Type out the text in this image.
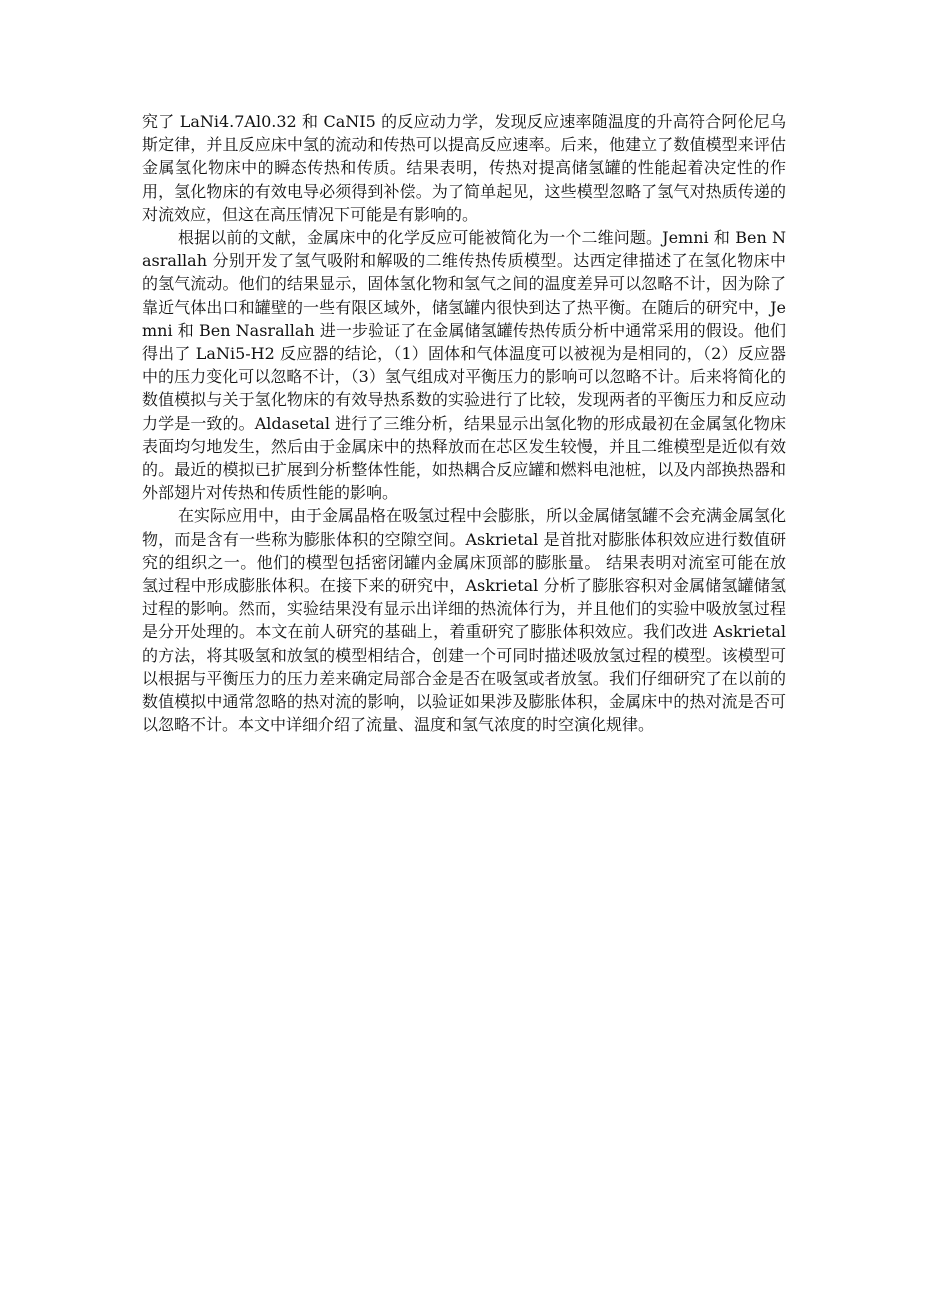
究了 LaNi4.7Al0.32 和 CaNI5 的反应动力学，发现反应速率随温度的升高符合阿伦尼乌斯定律，并且反应床中氢的流动和传热可以提高反应速率。后来，他建立了数值模型来评估金属氢化物床中的瞬态传热和传质。结果表明，传热对提高储氢罐的性能起着决定性的作用，氢化物床的有效电导必须得到补偿。为了简单起见，这些模型忽略了氢气对热质传递的对流效应，但这在高压情况下可能是有影响的。

根据以前的文献，金属床中的化学反应可能被简化为一个二维问题。Jemni 和 Ben Nasrallah 分别开发了氢气吸附和解吸的二维传热传质模型。达西定律描述了在氢化物床中的氢气流动。他们的结果显示，固体氢化物和氢气之间的温度差异可以忽略不计，因为除了靠近气体出口和罐壁的一些有限区域外，储氢罐内很快到达了热平衡。在随后的研究中，Jemni 和 Ben Nasrallah 进一步验证了在金属储氢罐传热传质分析中通常采用的假设。他们得出了 LaNi5-H2 反应器的结论，（1）固体和气体温度可以被视为是相同的，（2）反应器中的压力变化可以忽略不计，（3）氢气组成对平衡压力的影响可以忽略不计。后来将简化的数值模拟与关于氢化物床的有效导热系数的实验进行了比较，发现两者的平衡压力和反应动力学是一致的。Aldasetal 进行了三维分析，结果显示出氢化物的形成最初在金属氢化物床表面均匀地发生，然后由于金属床中的热释放而在芯区发生较慢，并且二维模型是近似有效的。最近的模拟已扩展到分析整体性能，如热耦合反应罐和燃料电池桩，以及内部换热器和外部翅片对传热和传质性能的影响。

在实际应用中，由于金属晶格在吸氢过程中会膨胀，所以金属储氢罐不会充满金属氢化物，而是含有一些称为膨胀体积的空隙空间。Askrietal 是首批对膨胀体积效应进行数值研究的组织之一。他们的模型包括密闭罐内金属床顶部的膨胀量。 结果表明对流室可能在放氢过程中形成膨胀体积。在接下来的研究中，Askrietal 分析了膨胀容积对金属储氢罐储氢过程的影响。然而，实验结果没有显示出详细的热流体行为，并且他们的实验中吸放氢过程是分开处理的。本文在前人研究的基础上，着重研究了膨胀体积效应。我们改进 Askrietal 的方法，将其吸氢和放氢的模型相结合，创建一个可同时描述吸放氢过程的模型。该模型可以根据与平衡压力的压力差来确定局部合金是否在吸氢或者放氢。我们仔细研究了在以前的数值模拟中通常忽略的热对流的影响，以验证如果涉及膨胀体积，金属床中的热对流是否可以忽略不计。本文中详细介绍了流量、温度和氢气浓度的时空演化规律。
